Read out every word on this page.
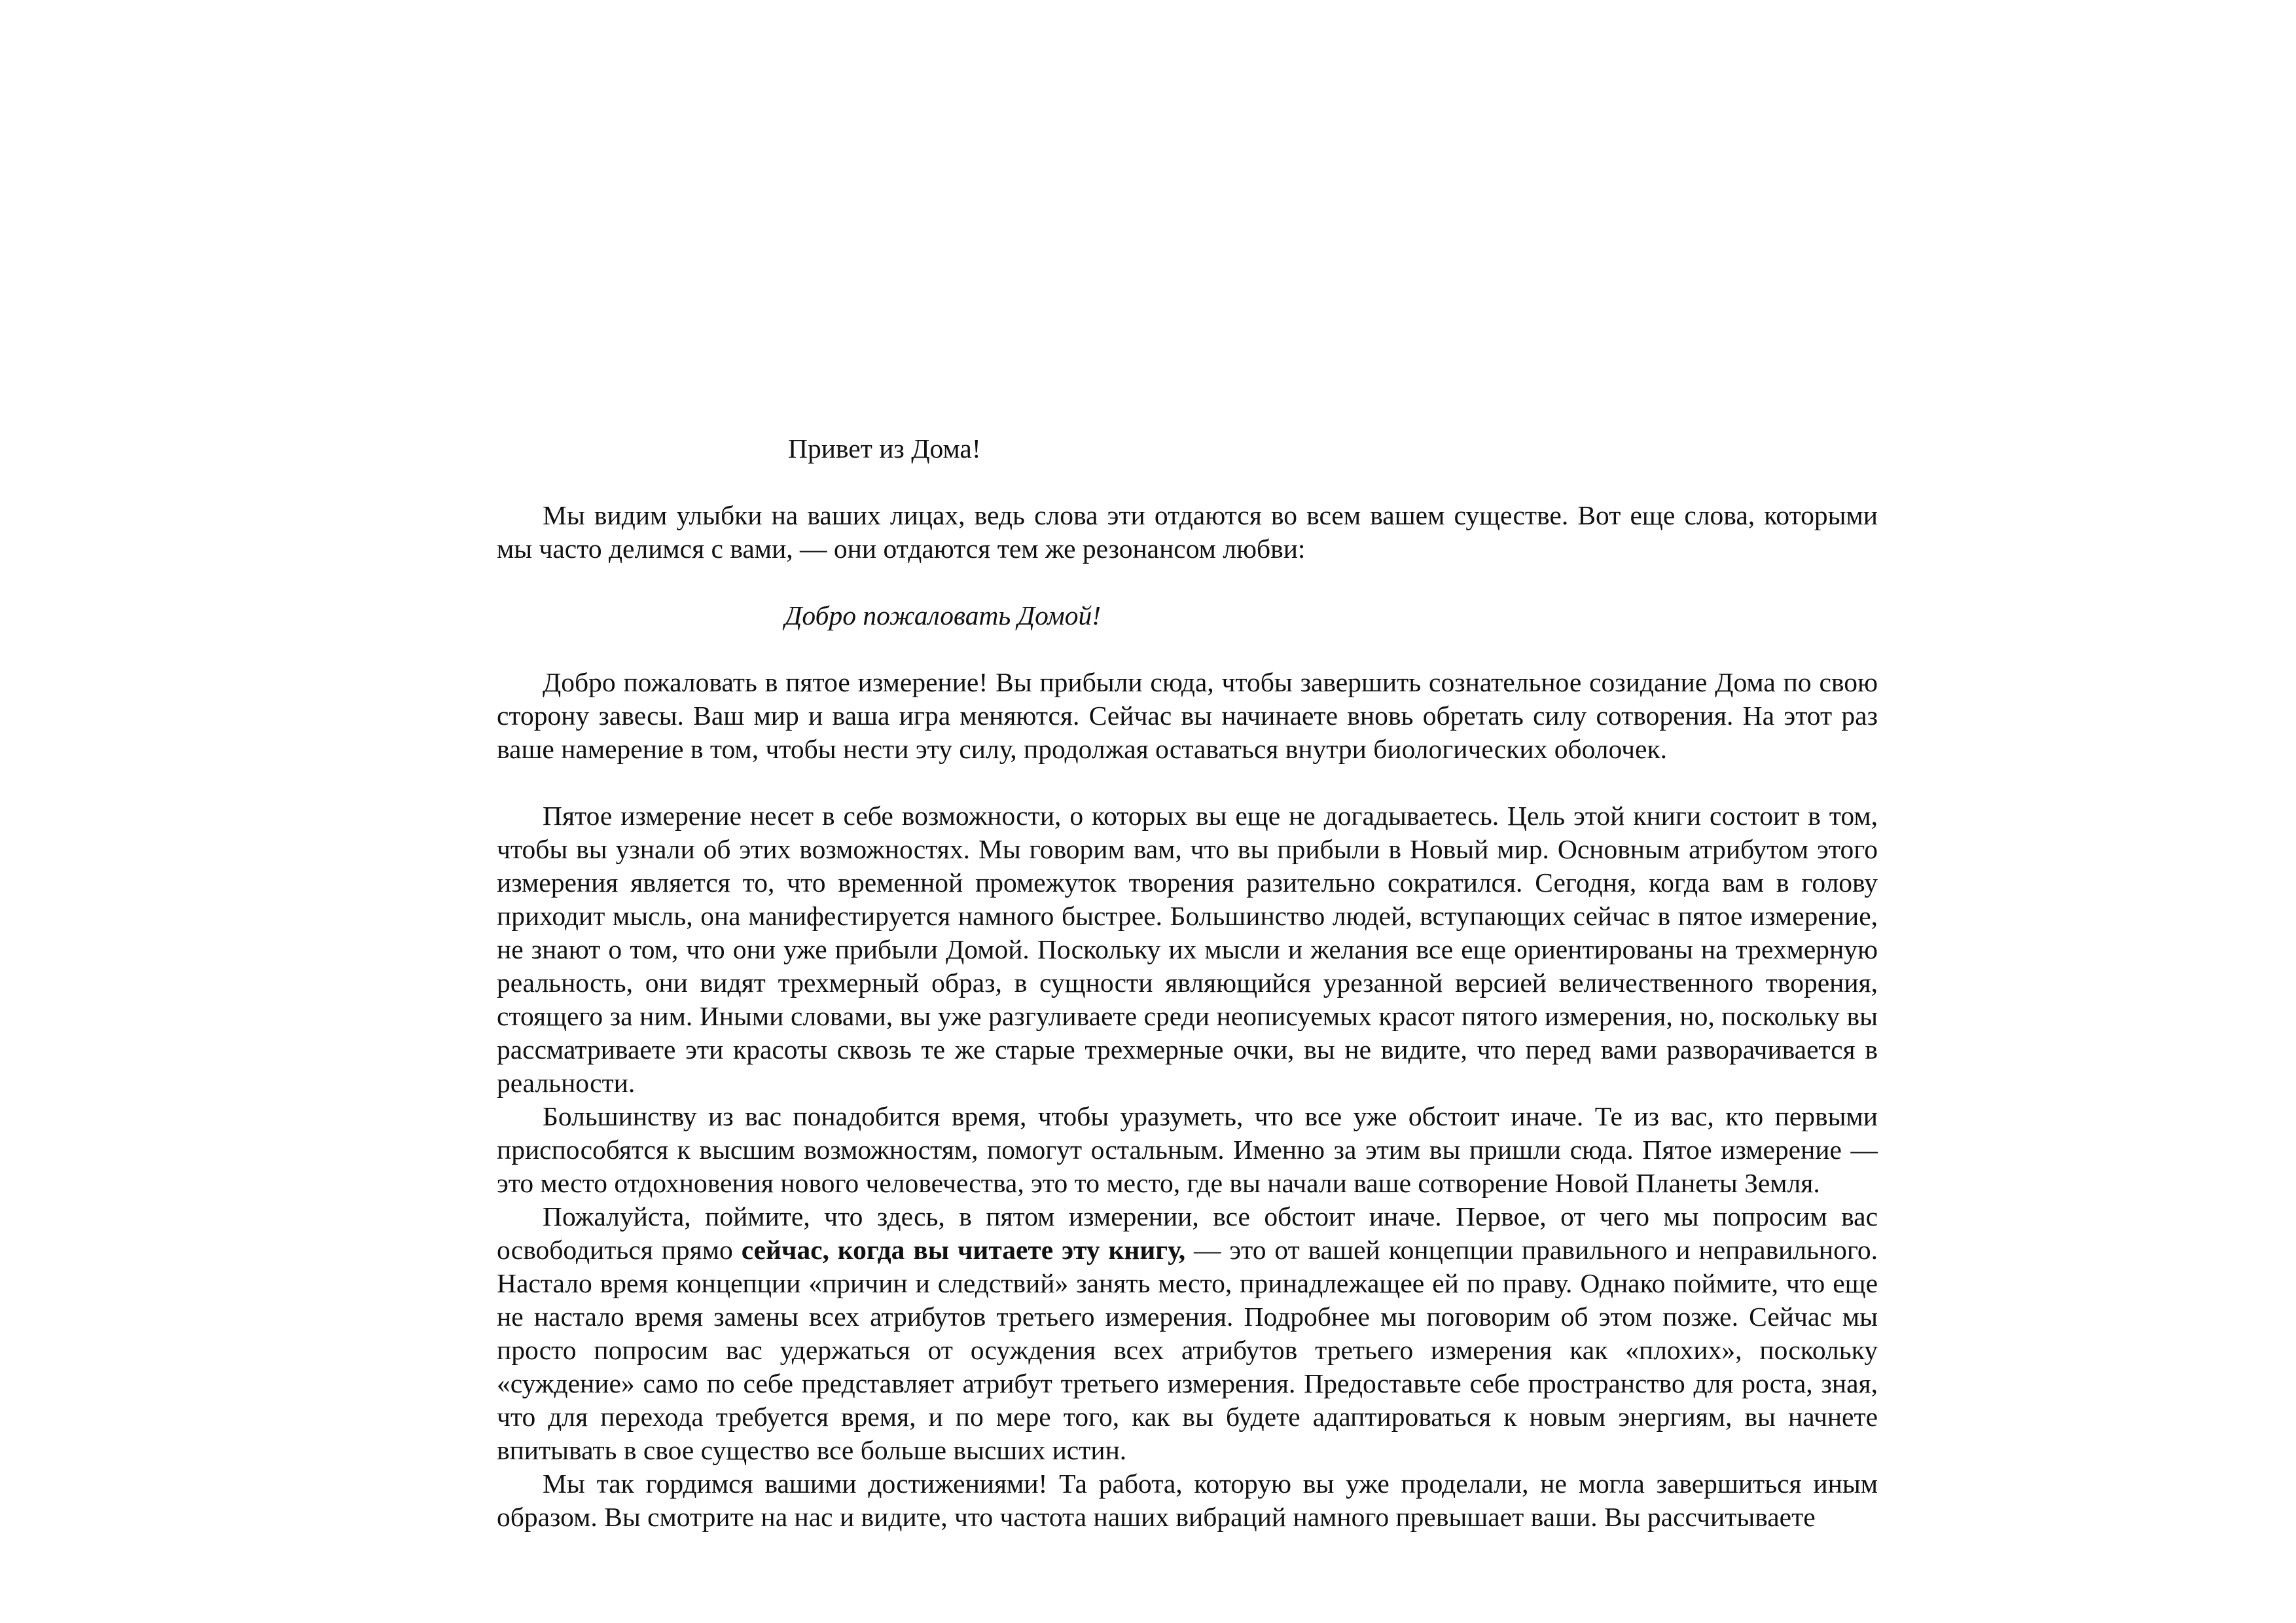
Привет из Дома!

Мы видим улыбки на ваших лицах, ведь слова эти отдаются во всем вашем существе. Вот еще слова, которыми мы часто делимся с вами, — они отдаются тем же резонансом любви:

Добро пожаловать Домой!

Добро пожаловать в пятое измерение! Вы прибыли сюда, чтобы завершить сознательное созидание Дома по свою сторону завесы. Ваш мир и ваша игра меняются. Сейчас вы начинаете вновь обретать силу сотворения. На этот раз ваше намерение в том, чтобы нести эту силу, продолжая оставаться внутри биологических оболочек.

Пятое измерение несет в себе возможности, о которых вы еще не догадываетесь. Цель этой книги состоит в том, чтобы вы узнали об этих возможностях. Мы говорим вам, что вы прибыли в Новый мир. Основным атрибутом этого измерения является то, что временной промежуток творения разительно сократился. Сегодня, когда вам в голову приходит мысль, она манифестируется намного быстрее. Большинство людей, вступающих сейчас в пятое измерение, не знают о том, что они уже прибыли Домой. Поскольку их мысли и желания все еще ориентированы на трехмерную реальность, они видят трехмерный образ, в сущности являющийся урезанной версией величественного творения, стоящего за ним. Иными словами, вы уже разгуливаете среди неописуемых красот пятого измерения, но, поскольку вы рассматриваете эти красоты сквозь те же старые трехмерные очки, вы не видите, что перед вами разворачивается в реальности.

Большинству из вас понадобится время, чтобы уразуметь, что все уже обстоит иначе. Те из вас, кто первыми приспособятся к высшим возможностям, помогут остальным. Именно за этим вы пришли сюда. Пятое измерение — это место отдохновения нового человечества, это то место, где вы начали ваше сотворение Новой Планеты Земля.

Пожалуйста, поймите, что здесь, в пятом измерении, все обстоит иначе. Первое, от чего мы попросим вас освободиться прямо сейчас, когда вы читаете эту книгу, — это от вашей концепции правильного и неправильного. Настало время концепции «причин и следствий» занять место, принадлежащее ей по праву. Однако поймите, что еще не настало время замены всех атрибутов третьего измерения. Подробнее мы поговорим об этом позже. Сейчас мы просто попросим вас удержаться от осуждения всех атрибутов третьего измерения как «плохих», поскольку «суждение» само по себе представляет атрибут третьего измерения. Предоставьте себе пространство для роста, зная, что для перехода требуется время, и по мере того, как вы будете адаптироваться к новым энергиям, вы начнете впитывать в свое существо все больше высших истин.

Мы так гордимся вашими достижениями! Та работа, которую вы уже проделали, не могла завершиться иным образом. Вы смотрите на нас и видите, что частота наших вибраций намного превышает ваши. Вы рассчитываете
